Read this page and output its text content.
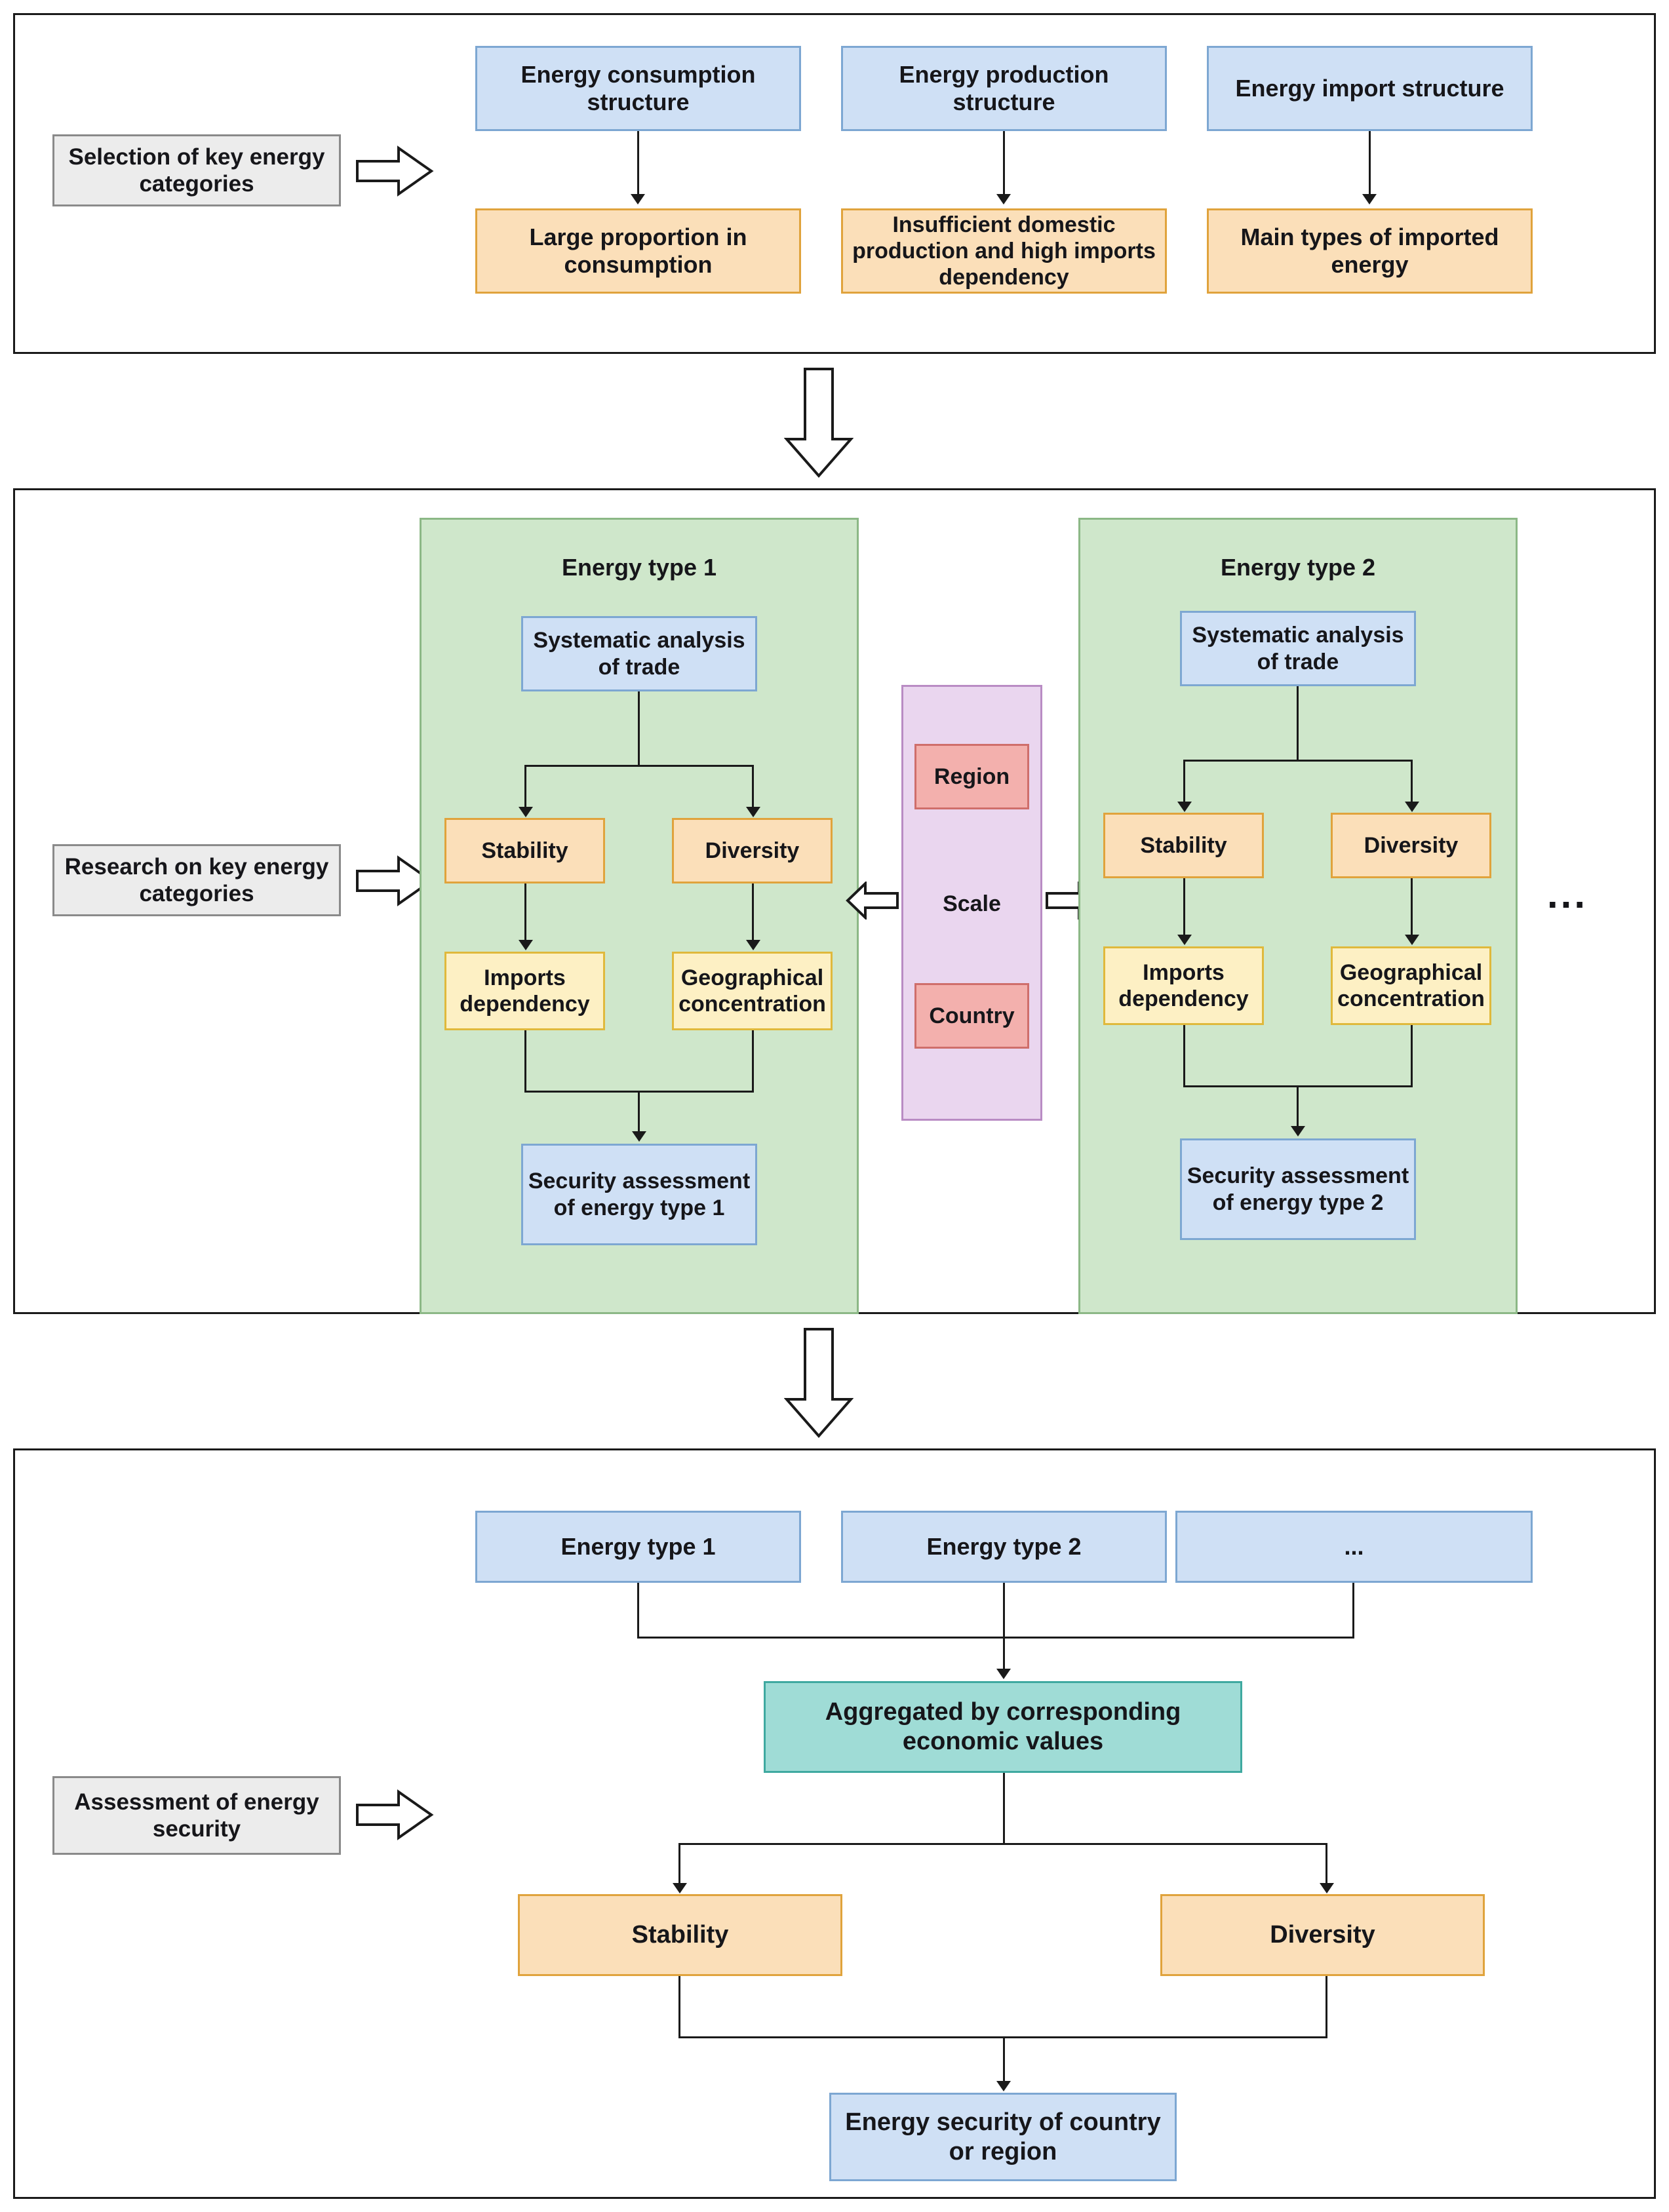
Selection of key energy categories
Energy consumption structure
Energy production structure
Energy import structure
Large proportion in consumption
Insufficient domestic production and high imports dependency
Main types of imported energy
Research on key energy categories
Energy type 1
Systematic analysis of trade
Stability	Diversity
Imports dependency
Geographical concentration
Security assessment of energy type 1
Region
Scale
Country
Energy type 2
Systematic analysis of trade
Stability	Diversity
Imports dependency
Geographical concentration
Security assessment of energy type 2
...
Assessment of energy security
Energy type 1	Energy type 2	...
Aggregated by corresponding economic values
Stability	Diversity
Energy security of country or region
